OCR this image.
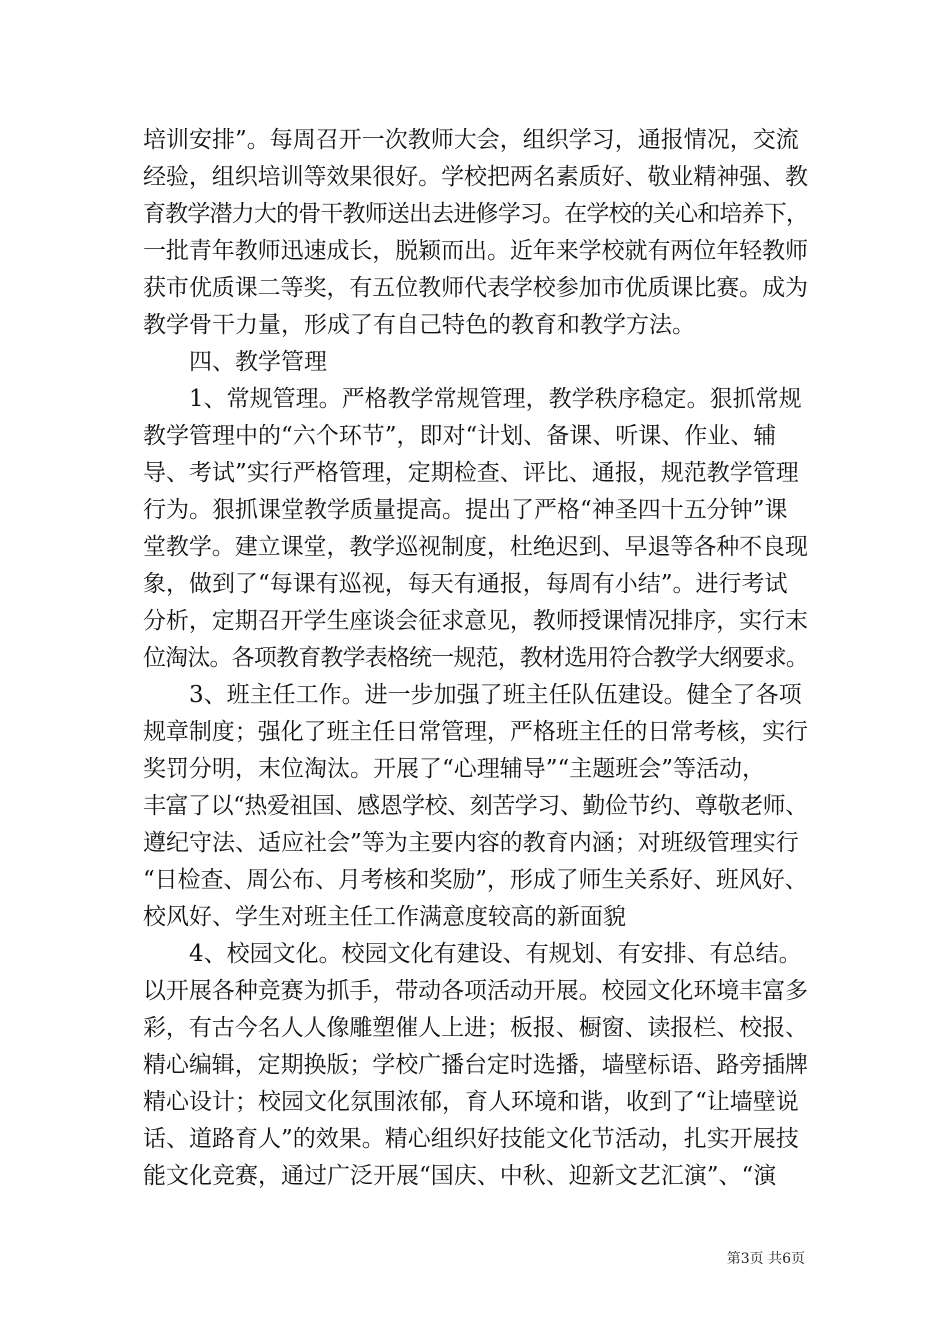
培训安排”。每周召开一次教师大会，组织学习，通报情况，交流
经验，组织培训等效果很好。学校把两名素质好、敬业精神强、教
育教学潜力大的骨干教师送出去进修学习。在学校的关心和培养下，
一批青年教师迅速成长，脱颖而出。近年来学校就有两位年轻教师
获市优质课二等奖，有五位教师代表学校参加市优质课比赛。成为
教学骨干力量，形成了有自己特色的教育和教学方法。
四、教学管理
1、常规管理。严格教学常规管理，教学秩序稳定。狠抓常规
教学管理中的“六个环节”，即对“计划、备课、听课、作业、辅
导、考试”实行严格管理，定期检查、评比、通报，规范教学管理
行为。狠抓课堂教学质量提高。提出了严格“神圣四十五分钟”课
堂教学。建立课堂，教学巡视制度，杜绝迟到、早退等各种不良现
象，做到了“每课有巡视，每天有通报，每周有小结”。进行考试
分析，定期召开学生座谈会征求意见，教师授课情况排序，实行末
位淘汰。各项教育教学表格统一规范，教材选用符合教学大纲要求。
3、班主任工作。进一步加强了班主任队伍建设。健全了各项
规章制度；强化了班主任日常管理，严格班主任的日常考核，实行
奖罚分明，末位淘汰。开展了“心理辅导”“主题班会”等活动，
丰富了以“热爱祖国、感恩学校、刻苦学习、勤俭节约、尊敬老师、
遵纪守法、适应社会”等为主要内容的教育内涵；对班级管理实行
“日检查、周公布、月考核和奖励”，形成了师生关系好、班风好、
校风好、学生对班主任工作满意度较高的新面貌
4、校园文化。校园文化有建设、有规划、有安排、有总结。
以开展各种竞赛为抓手，带动各项活动开展。校园文化环境丰富多
彩，有古今名人人像雕塑催人上进；板报、橱窗、读报栏、校报、
精心编辑，定期换版；学校广播台定时选播，墙壁标语、路旁插牌
精心设计；校园文化氛围浓郁，育人环境和谐，收到了“让墙壁说
话、道路育人”的效果。精心组织好技能文化节活动，扎实开展技
能文化竞赛，通过广泛开展“国庆、中秋、迎新文艺汇演”、“演
第3页 共6页
